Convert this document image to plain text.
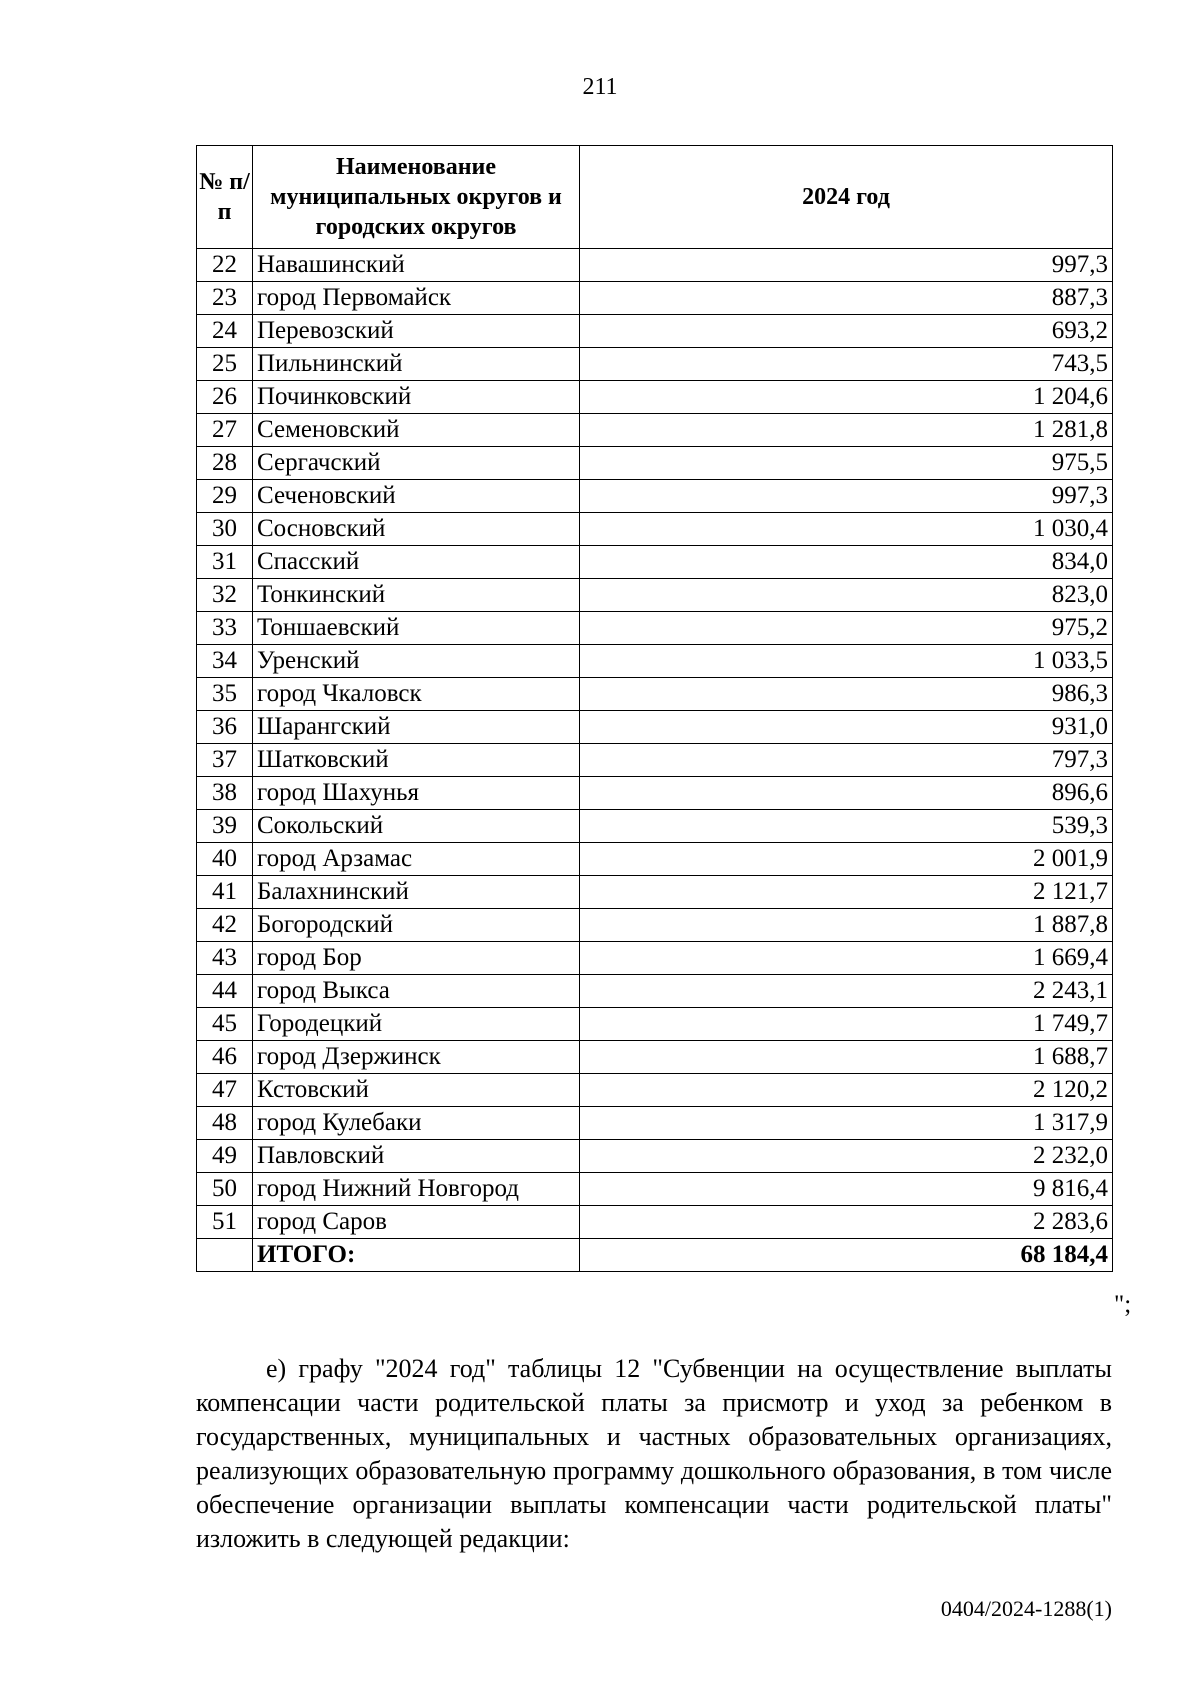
211
№ п/п	Наименование муниципальных округов и городских округов	2024 год
22	Навашинский	997,3
23	город Первомайск	887,3
24	Перевозский	693,2
25	Пильнинский	743,5
26	Починковский	1 204,6
27	Семеновский	1 281,8
28	Сергачский	975,5
29	Сеченовский	997,3
30	Сосновский	1 030,4
31	Спасский	834,0
32	Тонкинский	823,0
33	Тоншаевский	975,2
34	Уренский	1 033,5
35	город Чкаловск	986,3
36	Шарангский	931,0
37	Шатковский	797,3
38	город Шахунья	896,6
39	Сокольский	539,3
40	город Арзамас	2 001,9
41	Балахнинский	2 121,7
42	Богородский	1 887,8
43	город Бор	1 669,4
44	город Выкса	2 243,1
45	Городецкий	1 749,7
46	город Дзержинск	1 688,7
47	Кстовский	2 120,2
48	город Кулебаки	1 317,9
49	Павловский	2 232,0
50	город Нижний Новгород	9 816,4
51	город Саров	2 283,6
	ИТОГО:	68 184,4
";
е) графу "2024 год" таблицы 12 "Субвенции на осуществление выплаты компенсации части родительской платы за присмотр и уход за ребенком в государственных, муниципальных и частных образовательных организациях, реализующих образовательную программу дошкольного образования, в том числе обеспечение организации выплаты компенсации части родительской платы" изложить в следующей редакции:
0404/2024-1288(1)
